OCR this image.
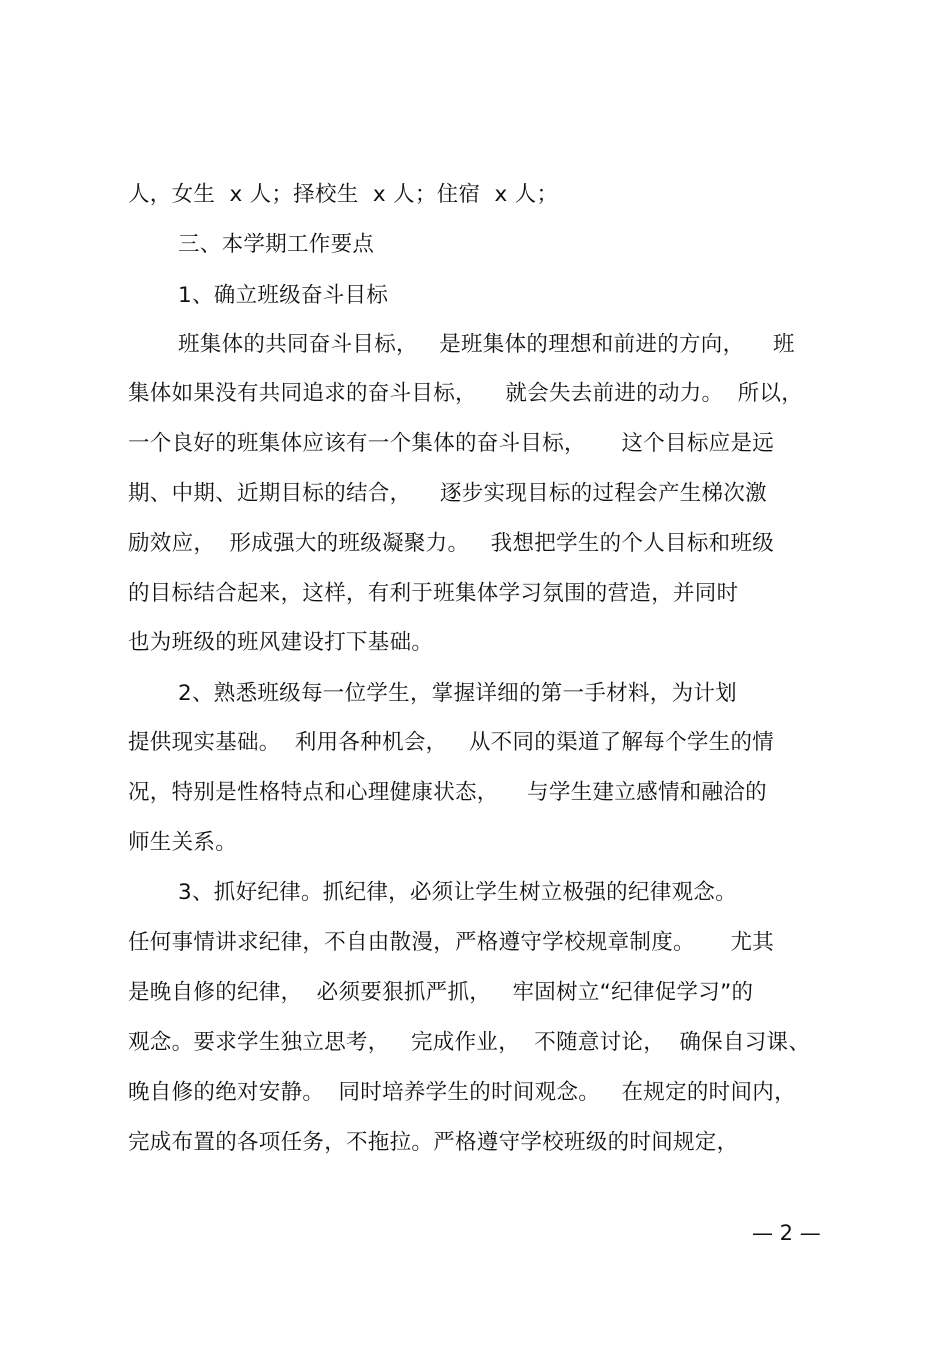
人，女生  x 人；择校生  x 人；住宿  x 人；
三、本学期工作要点
1、确立班级奋斗目标
班集体的共同奋斗目标，   是班集体的理想和前进的方向，    班
集体如果没有共同追求的奋斗目标，    就会失去前进的动力。  所以，
一个良好的班集体应该有一个集体的奋斗目标，     这个目标应是远
期、中期、近期目标的结合，    逐步实现目标的过程会产生梯次激
励效应，  形成强大的班级凝聚力。   我想把学生的个人目标和班级
的目标结合起来，这样，有利于班集体学习氛围的营造，并同时
也为班级的班风建设打下基础。
2、熟悉班级每一位学生，掌握详细的第一手材料，为计划
提供现实基础。  利用各种机会，   从不同的渠道了解每个学生的情
况，特别是性格特点和心理健康状态，    与学生建立感情和融洽的
师生关系。
3、抓好纪律。抓纪律，必须让学生树立极强的纪律观念。
任何事情讲求纪律，不自由散漫，严格遵守学校规章制度。     尤其
是晚自修的纪律，  必须要狠抓严抓，   牢固树立“纪律促学习”的
观念。要求学生独立思考，   完成作业，  不随意讨论，  确保自习课、
晚自修的绝对安静。  同时培养学生的时间观念。   在规定的时间内，
完成布置的各项任务，不拖拉。严格遵守学校班级的时间规定，
— 2 —
